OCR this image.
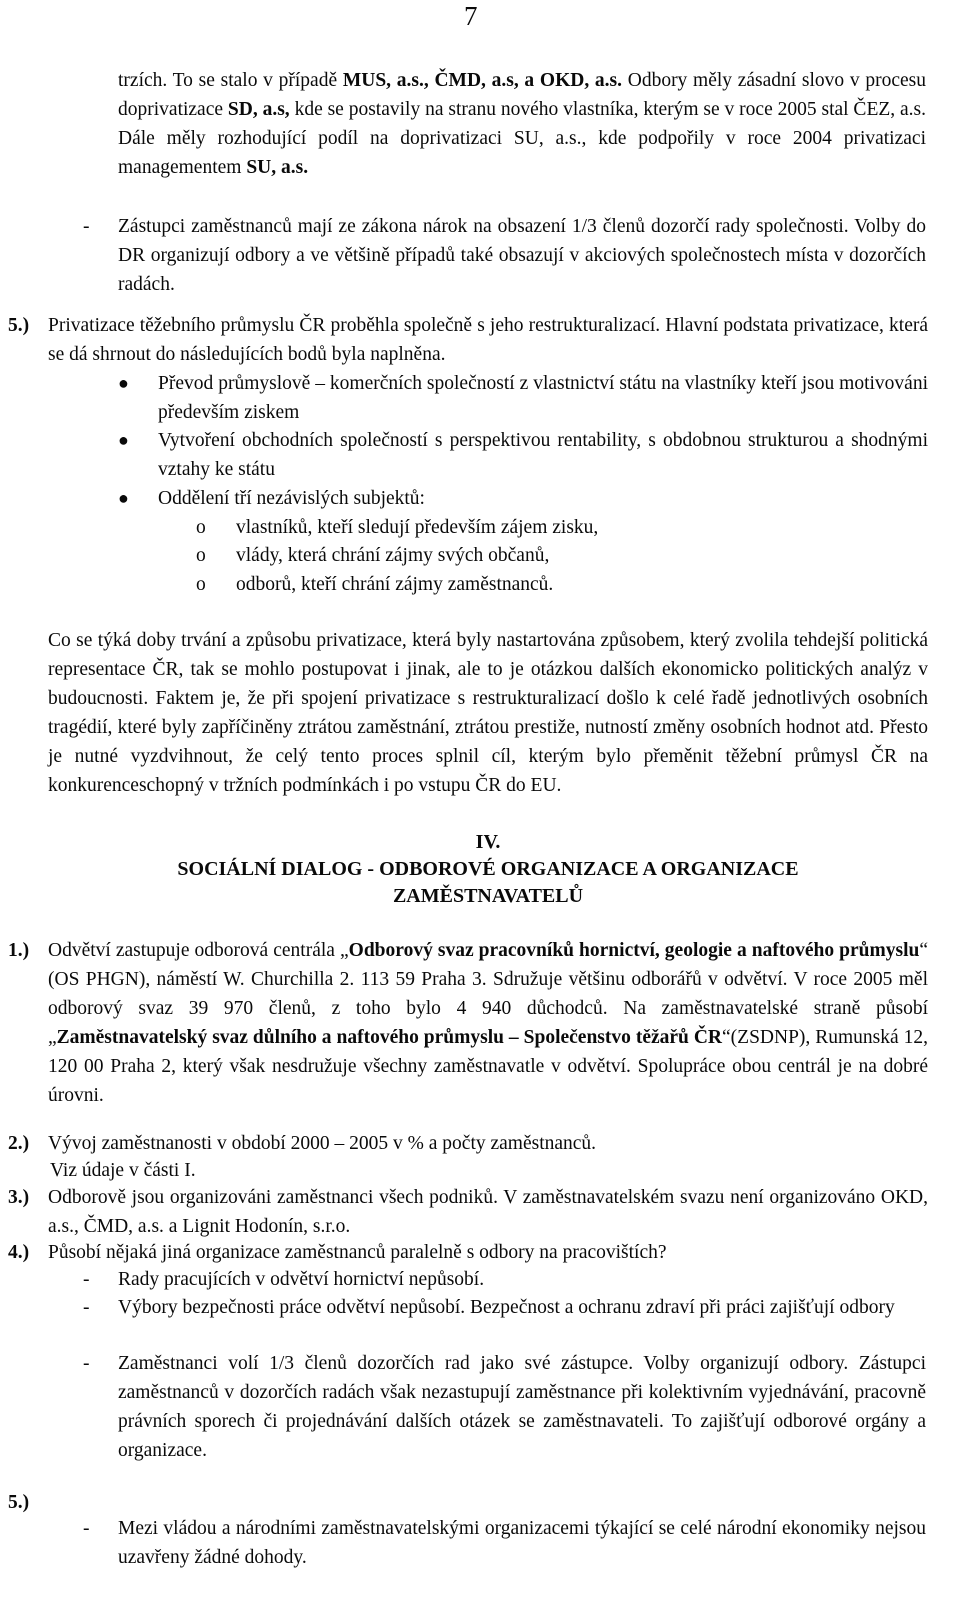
7
trzích. To se stalo v případě MUS, a.s., ČMD, a.s, a OKD, a.s. Odbory měly zásadní slovo v procesu doprivatizace SD, a.s, kde se postavily na stranu nového vlastníka, kterým se v roce 2005 stal ČEZ, a.s. Dále měly rozhodující podíl na doprivatizaci SU, a.s., kde podpořily v roce 2004 privatizaci managementem SU, a.s.
- Zástupci zaměstnanců mají ze zákona nárok na obsazení 1/3 členů dozorčí rady společnosti. Volby do DR organizují odbory a ve většině případů také obsazují v akciových společnostech místa v dozorčích radách.
5.) Privatizace těžebního průmyslu ČR proběhla společně s jeho restrukturalizací. Hlavní podstata privatizace, která se dá shrnout do následujících bodů byla naplněna.
● Převod průmyslově – komerčních společností z vlastnictví státu na vlastníky kteří jsou motivováni především ziskem
● Vytvoření obchodních společností s perspektivou rentability, s obdobnou strukturou a shodnými vztahy ke státu
● Oddělení tří nezávislých subjektů:
o vlastníků, kteří sledují především zájem zisku,
o vlády, která chrání zájmy svých občanů,
o odborů, kteří chrání zájmy zaměstnanců.
Co se týká doby trvání a způsobu privatizace, která byly nastartována způsobem, který zvolila tehdejší politická representace ČR, tak se mohlo postupovat i jinak, ale to je otázkou dalších ekonomicko politických analýz v budoucnosti. Faktem je, že při spojení privatizace s restrukturalizací došlo k celé řadě jednotlivých osobních tragédií, které byly zapříčiněny ztrátou zaměstnání, ztrátou prestiže, nutností změny osobních hodnot atd. Přesto je nutné vyzdvihnout, že celý tento proces splnil cíl, kterým bylo přeměnit těžební průmysl ČR na konkurenceschopný v tržních podmínkách i po vstupu ČR do EU.
IV.
SOCIÁLNÍ DIALOG - ODBOROVÉ ORGANIZACE A ORGANIZACE
ZAMĚSTNAVATELŮ
1.) Odvětví zastupuje odborová centrála „Odborový svaz pracovníků hornictví, geologie a naftového průmyslu“ (OS PHGN), náměstí W. Churchilla 2. 113 59 Praha 3. Sdružuje většinu odborářů v odvětví. V roce 2005 měl odborový svaz 39 970 členů, z toho bylo 4 940 důchodců. Na zaměstnavatelské straně působí „Zaměstnavatelský svaz důlního a naftového průmyslu – Společenstvo těžařů ČR“(ZSDNP), Rumunská 12, 120 00 Praha 2, který však nesdružuje všechny zaměstnavatle v odvětví. Spolupráce obou centrál je na dobré úrovni.
2.) Vývoj zaměstnanosti v období 2000 – 2005 v % a počty zaměstnanců.
Viz údaje v části I.
3.) Odborově jsou organizováni zaměstnanci všech podniků. V zaměstnavatelském svazu není organizováno OKD, a.s., ČMD, a.s. a Lignit Hodonín, s.r.o.
4.) Působí nějaká jiná organizace zaměstnanců paralelně s odbory na pracovištích?
- Rady pracujících v odvětví hornictví nepůsobí.
- Výbory bezpečnosti práce odvětví nepůsobí. Bezpečnost a ochranu zdraví při práci zajišťují odbory
- Zaměstnanci volí 1/3 členů dozorčích rad jako své zástupce. Volby organizují odbory. Zástupci zaměstnanců v dozorčích radách však nezastupují zaměstnance při kolektivním vyjednávání, pracovně právních sporech či projednávání dalších otázek se zaměstnavateli. To zajišťují odborové orgány a organizace.
5.)
- Mezi vládou a národními zaměstnavatelskými organizacemi týkající se celé národní ekonomiky nejsou uzavřeny žádné dohody.
